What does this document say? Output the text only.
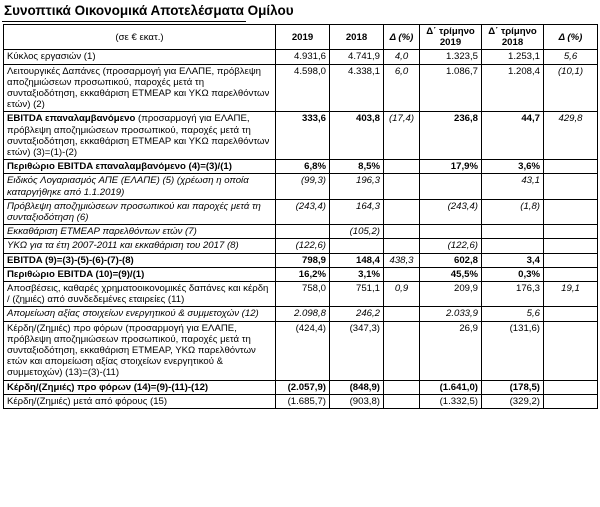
Συνοπτικά Οικονομικά Αποτελέσματα Ομίλου
(σε € εκατ.)	2019	2018	Δ (%)	Δ΄ τρίμηνο 2019	Δ΄ τρίμηνο 2018	Δ (%)
Κύκλος εργασιών (1)	4.931,6	4.741,9	4,0	1.323,5	1.253,1	5,6
Λειτουργικές Δαπάνες (προσαρμογή για ΕΛΑΠΕ, πρόβλεψη αποζημιώσεων προσωπικού, παροχές μετά τη συνταξιοδότηση, εκκαθάριση ΕΤΜΕΑΡ και ΥΚΩ παρελθόντων ετών) (2)	4.598,0	4.338,1	6,0	1.086,7	1.208,4	(10,1)
EBITDA επαναλαμβανόμενο (προσαρμογή για ΕΛΑΠΕ, πρόβλεψη αποζημιώσεων προσωπικού, παροχές μετά τη συνταξιοδότηση, εκκαθάριση ΕΤΜΕΑΡ και ΥΚΩ παρελθόντων ετών) (3)=(1)-(2)	333,6	403,8	(17,4)	236,8	44,7	429,8
Περιθώριο EBITDA επαναλαμβανόμενο (4)=(3)/(1)	6,8%	8,5%		17,9%	3,6%	
Ειδικός Λογαριασμός ΑΠΕ (ΕΛΑΠΕ) (5) (χρέωση η οποία καταργήθηκε από 1.1.2019)	(99,3)	196,3			43,1	
Πρόβλεψη αποζημιώσεων προσωπικού και παροχές μετά τη συνταξιοδότηση (6)	(243,4)	164,3		(243,4)	(1,8)	
Εκκαθάριση ΕΤΜΕΑΡ παρελθόντων ετών (7)		(105,2)				
ΥΚΩ για τα έτη 2007-2011 και εκκαθάριση του 2017 (8)	(122,6)			(122,6)		
EBITDA (9)=(3)-(5)-(6)-(7)-(8)	798,9	148,4	438,3	602,8	3,4	
Περιθώριο EBITDA (10)=(9)/(1)	16,2%	3,1%		45,5%	0,3%	
Αποσβέσεις, καθαρές χρηματοοικονομικές δαπάνες και κέρδη / (ζημιές) από συνδεδεμένες εταιρείες (11)	758,0	751,1	0,9	209,9	176,3	19,1
Απομείωση αξίας στοιχείων ενεργητικού & συμμετοχών (12)	2.098,8	246,2		2.033,9	5,6	
Κέρδη/(Ζημιές) προ φόρων (προσαρμογή για ΕΛΑΠΕ, πρόβλεψη αποζημιώσεων προσωπικού, παροχές μετά τη συνταξιοδότηση, εκκαθάριση ΕΤΜΕΑΡ, ΥΚΩ παρελθόντων ετών και απομείωση αξίας στοιχείων ενεργητικού & συμμετοχών) (13)=(3)-(11)	(424,4)	(347,3)		26,9	(131,6)	
Κέρδη/(Ζημιές) προ φόρων (14)=(9)-(11)-(12)	(2.057,9)	(848,9)		(1.641,0)	(178,5)	
Κέρδη/(Ζημιές) μετά από φόρους (15)	(1.685,7)	(903,8)		(1.332,5)	(329,2)	
